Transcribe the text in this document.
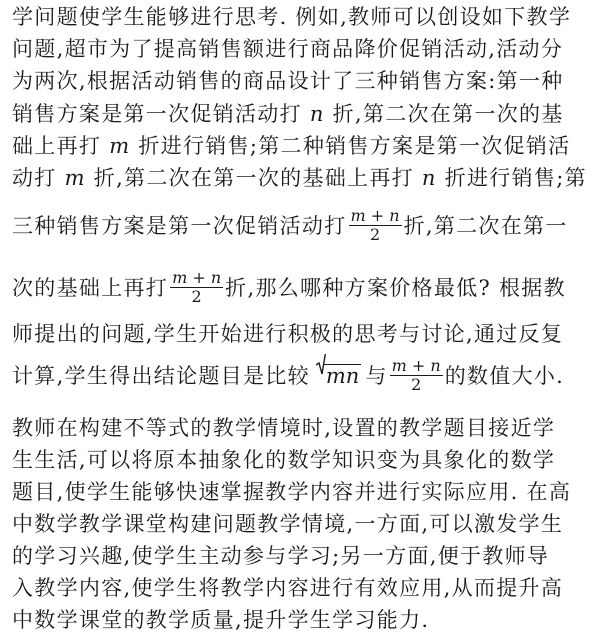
学问题使学生能够进行思考. 例如,教师可以创设如下教学
问题,超市为了提高销售额进行商品降价促销活动,活动分
为两次,根据活动销售的商品设计了三种销售方案:第一种
销售方案是第一次促销活动打 n 折,第二次在第一次的基
础上再打 m 折进行销售;第二种销售方案是第一次促销活
动打 m 折,第二次在第一次的基础上再打 n 折进行销售;第
三种销售方案是第一次促销活动打 $\frac{m + n}{2}$ 折,第二次在第一
次的基础上再打 $\frac{m + n}{2}$ 折,那么哪种方案价格最低? 根据教
师提出的问题,学生开始进行积极的思考与讨论,通过反复
计算,学生得出结论题目是比较
mn 与 $\frac{m + n}{2}$ 的数值大小.
教师在构建不等式的教学情境时,设置的教学题目接近学
生生活,可以将原本抽象化的数学知识变为具象化的数学
题目,使学生能够快速掌握教学内容并进行实际应用. 在高
中数学教学课堂构建问题教学情境,一方面,可以激发学生
的学习兴趣,使学生主动参与学习;另一方面,便于教师导
入教学内容,使学生将教学内容进行有效应用,从而提升高
中数学课堂的教学质量,提升学生学习能力.
